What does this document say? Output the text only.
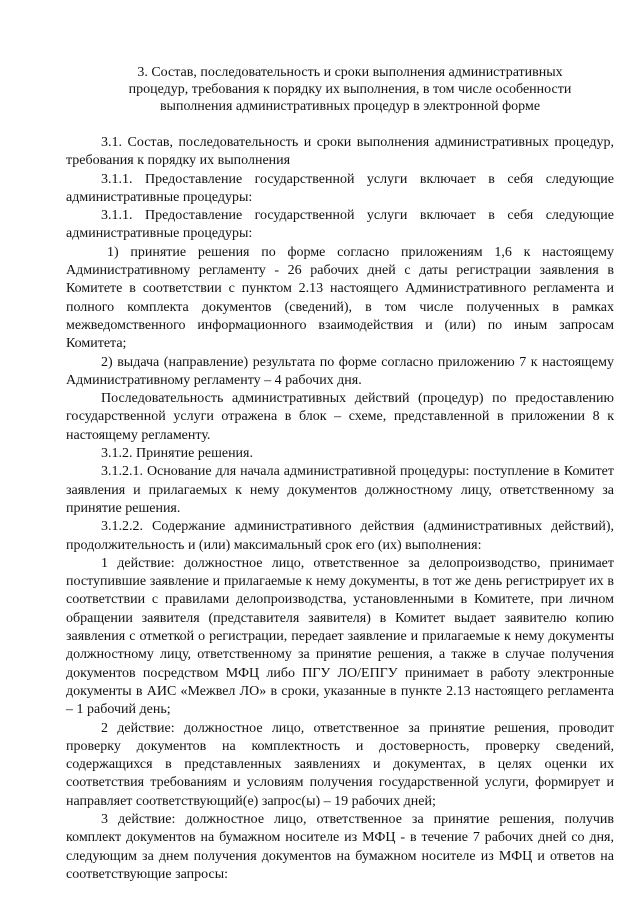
3. Состав, последовательность и сроки выполнения административных
процедур, требования к порядку их выполнения, в том числе особенности
выполнения административных процедур в электронной форме

3.1. Состав, последовательность и сроки выполнения административных процедур, требования к порядку их выполнения

3.1.1. Предоставление государственной услуги включает в себя следующие административные процедуры:

3.1.1. Предоставление государственной услуги включает в себя следующие административные процедуры:

1) принятие решения по форме согласно приложениям 1,6 к настоящему Административному регламенту - 26 рабочих дней с даты регистрации заявления в Комитете в соответствии с пунктом 2.13 настоящего Административного регламента и полного комплекта документов (сведений), в том числе полученных в рамках межведомственного информационного взаимодействия и (или) по иным запросам Комитета;

2) выдача (направление) результата по форме согласно приложению 7 к настоящему Административному регламенту – 4 рабочих дня.

Последовательность административных действий (процедур) по предоставлению государственной услуги отражена в блок – схеме, представленной в приложении 8 к настоящему регламенту.

3.1.2. Принятие решения.

3.1.2.1. Основание для начала административной процедуры: поступление в Комитет заявления и прилагаемых к нему документов должностному лицу, ответственному за принятие решения.

3.1.2.2. Содержание административного действия (административных действий), продолжительность и (или) максимальный срок его (их) выполнения:

1 действие: должностное лицо, ответственное за делопроизводство, принимает поступившие заявление и прилагаемые к нему документы, в тот же день регистрирует их в соответствии с правилами делопроизводства, установленными в Комитете, при личном обращении заявителя (представителя заявителя) в Комитет выдает заявителю копию заявления с отметкой о регистрации, передает заявление и прилагаемые к нему документы должностному лицу, ответственному за принятие решения, а также в случае получения документов посредством МФЦ либо ПГУ ЛО/ЕПГУ принимает в работу электронные документы в АИС «Межвел ЛО» в сроки, указанные в пункте 2.13 настоящего регламента – 1 рабочий день;

2 действие: должностное лицо, ответственное за принятие решения, проводит проверку документов на комплектность и достоверность, проверку сведений, содержащихся в представленных заявлениях и документах, в целях оценки их соответствия требованиям и условиям получения государственной услуги, формирует и направляет соответствующий(е) запрос(ы) – 19 рабочих дней;

3 действие: должностное лицо, ответственное за принятие решения, получив комплект документов на бумажном носителе из МФЦ - в течение 7 рабочих дней со дня, следующим за днем получения документов на бумажном носителе из МФЦ и ответов на соответствующие запросы:
